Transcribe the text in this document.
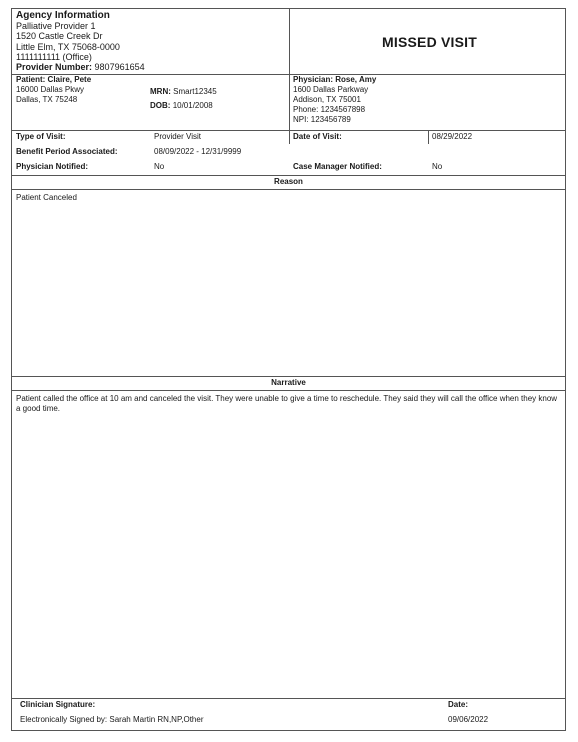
Agency Information
Palliative Provider 1
1520 Castle Creek Dr
Little Elm, TX 75068-0000
1111111111 (Office)
Provider Number: 9807961654
MISSED VISIT
Patient: Claire, Pete
16000 Dallas Pkwy
Dallas, TX 75248
MRN: Smart12345
DOB: 10/01/2008
Physician: Rose, Amy
1600 Dallas Parkway
Addison, TX 75001
Phone: 1234567898
NPI: 123456789
Type of Visit:	Provider Visit	Date of Visit:	08/29/2022
Benefit Period Associated:	08/09/2022 - 12/31/9999
Physician Notified:	No	Case Manager Notified:	No
Reason
Patient Canceled
Narrative
Patient called the office at 10 am and canceled the visit. They were unable to give a time to reschedule. They said they will call the office when they know a good time.
Clinician Signature:
Electronically Signed by: Sarah Martin RN,NP,Other
Date:
09/06/2022
